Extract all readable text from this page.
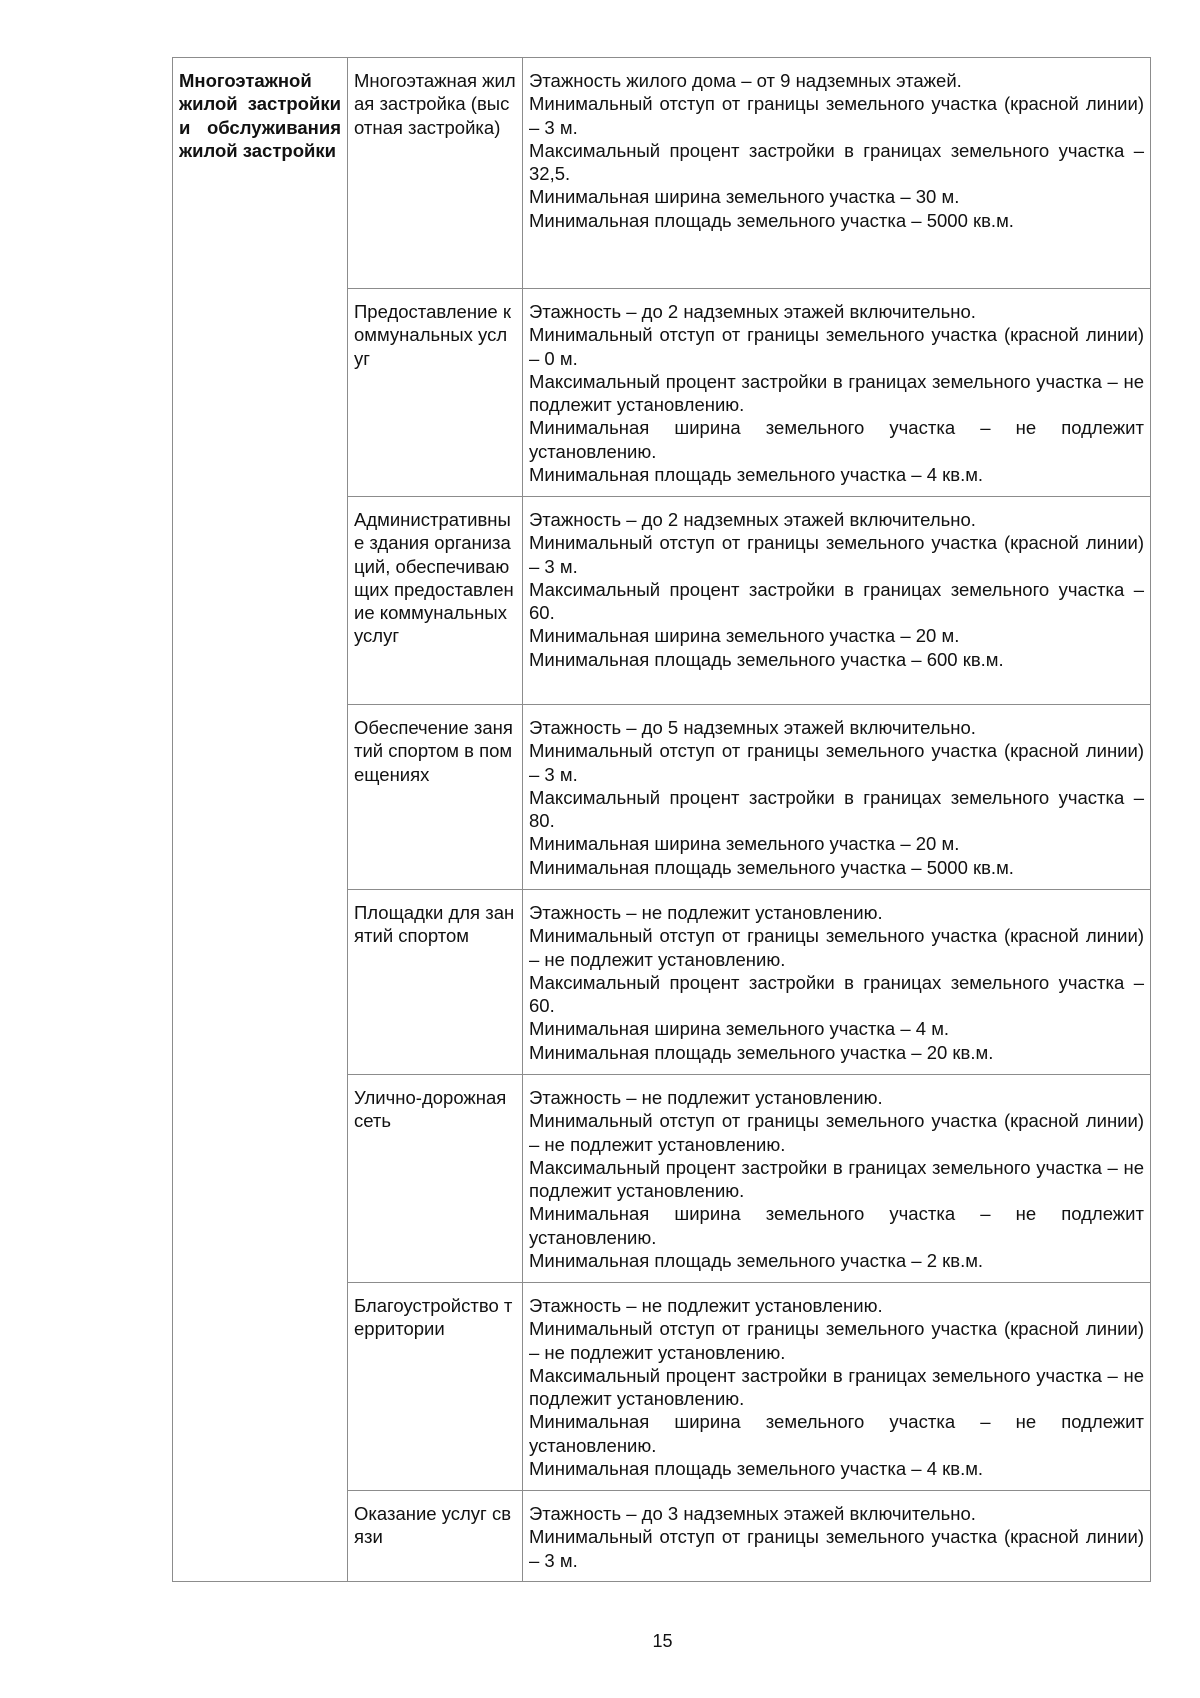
Многоэтажной жилой застройки и обслуживания жилой застройки	Многоэтажная жилая застройка (высотная застройка)	Этажность жилого дома – от 9 надземных этажей.
Минимальный отступ от границы земельного участка (красной линии) – 3 м.
Максимальный процент застройки в границах земельного участка – 32,5.
Минимальная ширина земельного участка – 30 м.
Минимальная площадь земельного участка – 5000 кв.м.

	Предоставление коммунальных услуг	Этажность – до 2 надземных этажей включительно.
Минимальный отступ от границы земельного участка (красной линии) – 0 м.
Максимальный процент застройки в границах земельного участка – не подлежит установлению.
Минимальная ширина земельного участка – не подлежит установлению.
Минимальная площадь земельного участка – 4 кв.м.

	Административные здания организаций, обеспечивающих предоставление коммунальных услуг	Этажность – до 2 надземных этажей включительно.
Минимальный отступ от границы земельного участка (красной линии) – 3 м.
Максимальный процент застройки в границах земельного участка – 60.
Минимальная ширина земельного участка – 20 м.
Минимальная площадь земельного участка – 600 кв.м.

	Обеспечение занятий спортом в помещениях	Этажность – до 5 надземных этажей включительно.
Минимальный отступ от границы земельного участка (красной линии) – 3 м.
Максимальный процент застройки в границах земельного участка – 80.
Минимальная ширина земельного участка – 20 м.
Минимальная площадь земельного участка – 5000 кв.м.

	Площадки для занятий спортом	Этажность – не подлежит установлению.
Минимальный отступ от границы земельного участка (красной линии) – не подлежит установлению.
Максимальный процент застройки в границах земельного участка – 60.
Минимальная ширина земельного участка – 4 м.
Минимальная площадь земельного участка – 20 кв.м.

	Улично-дорожная сеть	Этажность – не подлежит установлению.
Минимальный отступ от границы земельного участка (красной линии) – не подлежит установлению.
Максимальный процент застройки в границах земельного участка – не подлежит установлению.
Минимальная ширина земельного участка – не подлежит установлению.
Минимальная площадь земельного участка – 2 кв.м.

	Благоустройство территории	Этажность – не подлежит установлению.
Минимальный отступ от границы земельного участка (красной линии) – не подлежит установлению.
Максимальный процент застройки в границах земельного участка – не подлежит установлению.
Минимальная ширина земельного участка – не подлежит установлению.
Минимальная площадь земельного участка – 4 кв.м.

	Оказание услуг связи	Этажность – до 3 надземных этажей включительно.
Минимальный отступ от границы земельного участка (красной линии) – 3 м.
15
